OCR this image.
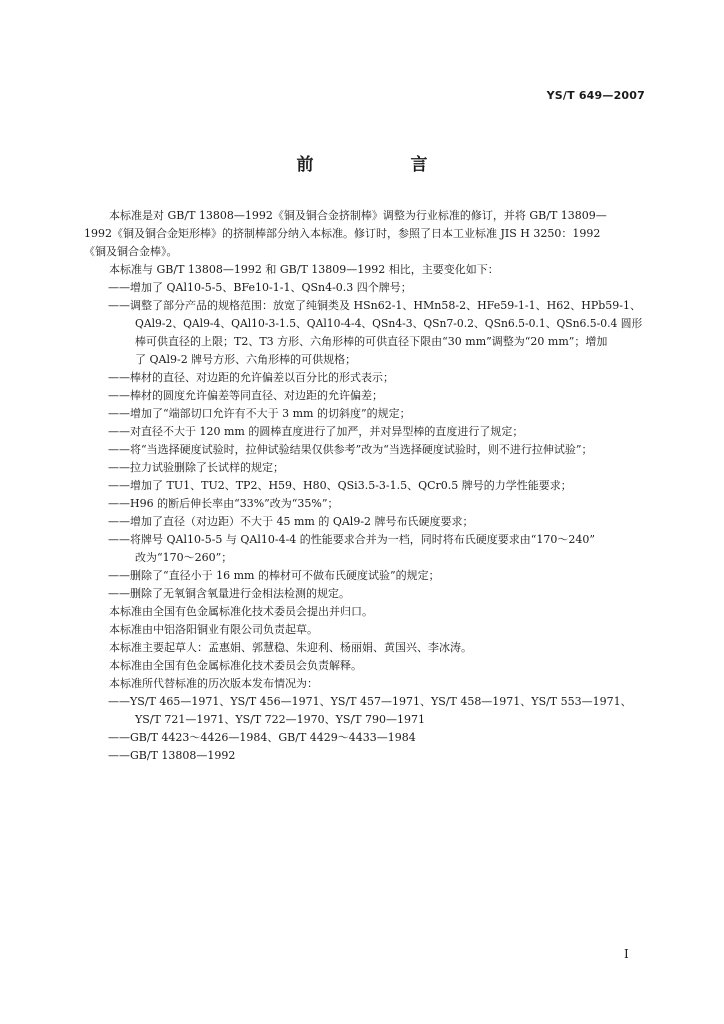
YS/T 649—2007
前　言
本标准是对 GB/T 13808—1992《铜及铜合金挤制棒》调整为行业标准的修订，并将 GB/T 13809—
1992《铜及铜合金矩形棒》的挤制棒部分纳入本标准。修订时，参照了日本工业标准 JIS H 3250：1992
《铜及铜合金棒》。
本标准与 GB/T 13808—1992 和 GB/T 13809—1992 相比，主要变化如下：
——增加了 QAl10-5-5、BFe10-1-1、QSn4-0.3 四个牌号；
——调整了部分产品的规格范围：放宽了纯铜类及 HSn62-1、HMn58-2、HFe59-1-1、H62、HPb59-1、
QAl9-2、QAl9-4、QAl10-3-1.5、QAl10-4-4、QSn4-3、QSn7-0.2、QSn6.5-0.1、QSn6.5-0.4 圆形
棒可供直径的上限；T2、T3 方形、六角形棒的可供直径下限由“30 mm”调整为“20 mm”；增加
了 QAl9-2 牌号方形、六角形棒的可供规格；
——棒材的直径、对边距的允许偏差以百分比的形式表示；
——棒材的圆度允许偏差等同直径、对边距的允许偏差；
——增加了“端部切口允许有不大于 3 mm 的切斜度”的规定；
——对直径不大于 120 mm 的圆棒直度进行了加严，并对异型棒的直度进行了规定；
——将“当选择硬度试验时，拉伸试验结果仅供参考”改为“当选择硬度试验时，则不进行拉伸试验”；
——拉力试验删除了长试样的规定；
——增加了 TU1、TU2、TP2、H59、H80、QSi3.5-3-1.5、QCr0.5 牌号的力学性能要求；
——H96 的断后伸长率由“33%”改为“35%”；
——增加了直径（对边距）不大于 45 mm 的 QAl9-2 牌号布氏硬度要求；
——将牌号 QAl10-5-5 与 QAl10-4-4 的性能要求合并为一档，同时将布氏硬度要求由“170～240”
改为“170～260”；
——删除了“直径小于 16 mm 的棒材可不做布氏硬度试验”的规定；
——删除了无氧铜含氧量进行金相法检测的规定。
本标准由全国有色金属标准化技术委员会提出并归口。
本标准由中铝洛阳铜业有限公司负责起草。
本标准主要起草人：孟惠娟、郭慧稳、朱迎利、杨丽娟、黄国兴、李冰涛。
本标准由全国有色金属标准化技术委员会负责解释。
本标准所代替标准的历次版本发布情况为：
——YS/T 465—1971、YS/T 456—1971、YS/T 457—1971、YS/T 458—1971、YS/T 553—1971、
YS/T 721—1971、YS/T 722—1970、YS/T 790—1971
——GB/T 4423～4426—1984、GB/T 4429～4433—1984
——GB/T 13808—1992
I
